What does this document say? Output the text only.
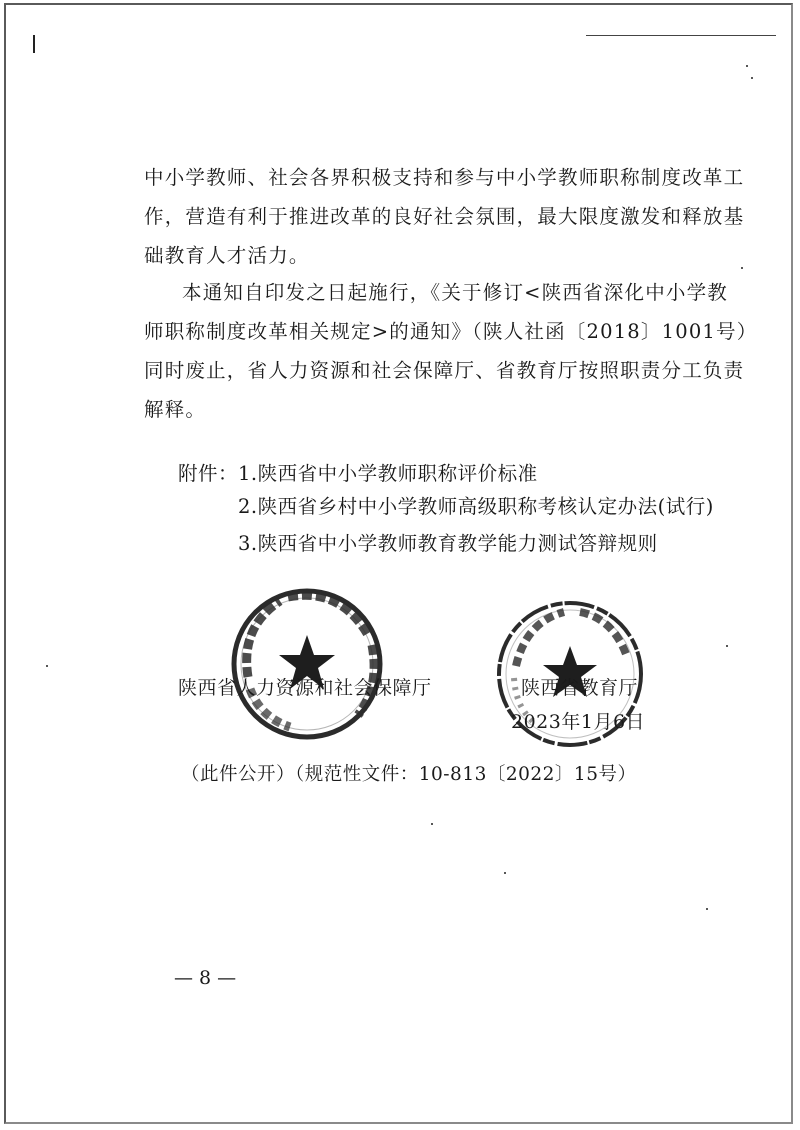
中小学教师、社会各界积极支持和参与中小学教师职称制度改革工
作，营造有利于推进改革的良好社会氛围，最大限度激发和释放基
础教育人才活力。
本通知自印发之日起施行，《关于修订<陕西省深化中小学教
师职称制度改革相关规定>的通知》（陕人社函〔2018〕1001号）
同时废止，省人力资源和社会保障厅、省教育厅按照职责分工负责
解释。
附件： 1.陕西省中小学教师职称评价标准
2.陕西省乡村中小学教师高级职称考核认定办法(试行)
3.陕西省中小学教师教育教学能力测试答辩规则
陕西省人力资源和社会保障厅	陕西省教育厅
2023年1月6日
（此件公开）（规范性文件：10-813〔2022〕15号）
— 8 —
